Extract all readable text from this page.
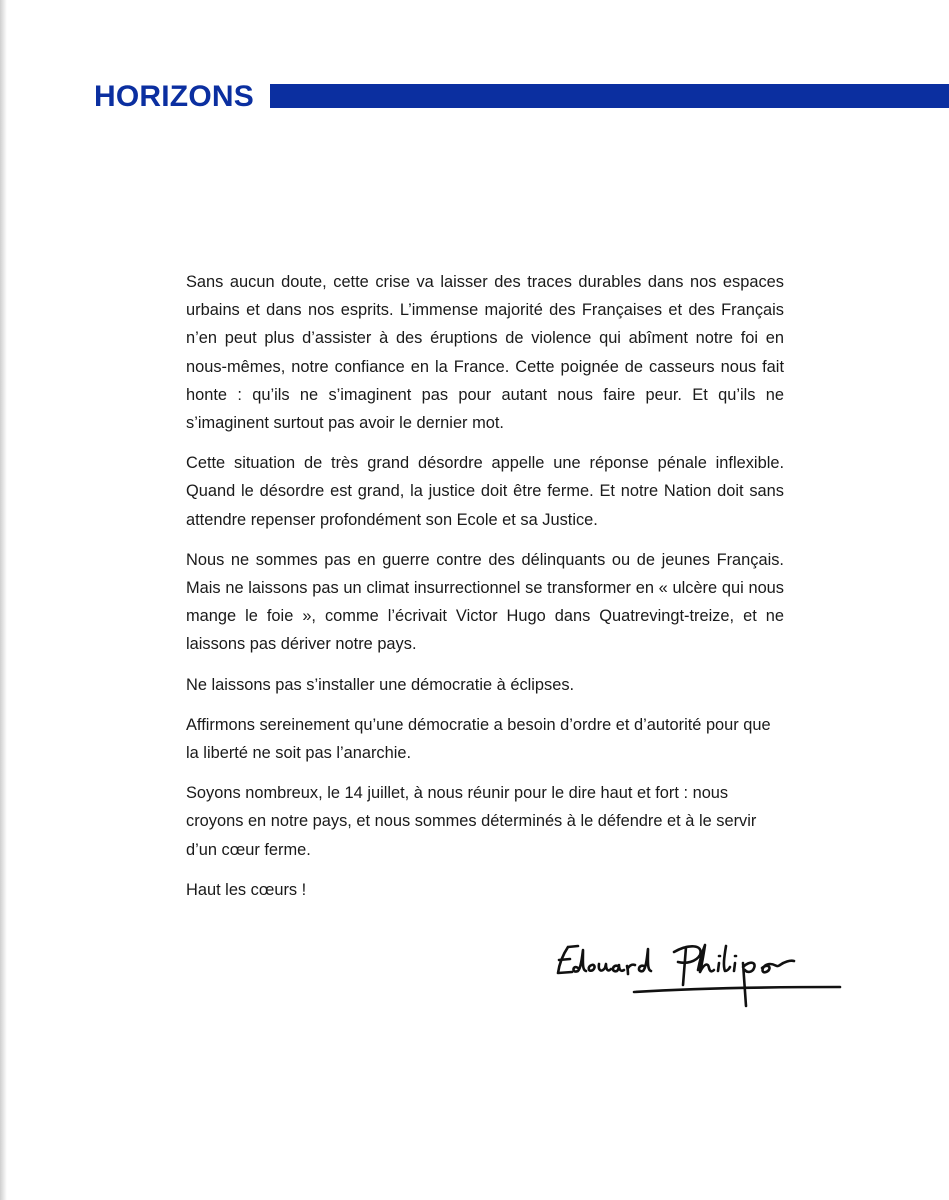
HORIZONS

Sans aucun doute, cette crise va laisser des traces durables dans nos espaces urbains et dans nos esprits. L’immense majorité des Françaises et des Français n’en peut plus d’assister à des éruptions de violence qui abîment notre foi en nous-mêmes, notre confiance en la France. Cette poignée de casseurs nous fait honte : qu’ils ne s’imaginent pas pour autant nous faire peur. Et qu’ils ne s’imaginent surtout pas avoir le dernier mot.

Cette situation de très grand désordre appelle une réponse pénale inflexible. Quand le désordre est grand, la justice doit être ferme. Et notre Nation doit sans attendre repenser profondément son Ecole et sa Justice.

Nous ne sommes pas en guerre contre des délinquants ou de jeunes Français. Mais ne laissons pas un climat insurrectionnel se transformer en « ulcère qui nous mange le foie », comme l’écrivait Victor Hugo dans Quatrevingt-treize, et ne laissons pas dériver notre pays.

Ne laissons pas s’installer une démocratie à éclipses.

Affirmons sereinement qu’une démocratie a besoin d’ordre et d’autorité pour que la liberté ne soit pas l’anarchie.

Soyons nombreux, le 14 juillet, à nous réunir pour le dire haut et fort : nous croyons en notre pays, et nous sommes déterminés à le défendre et à le servir d’un cœur ferme.

Haut les cœurs !
